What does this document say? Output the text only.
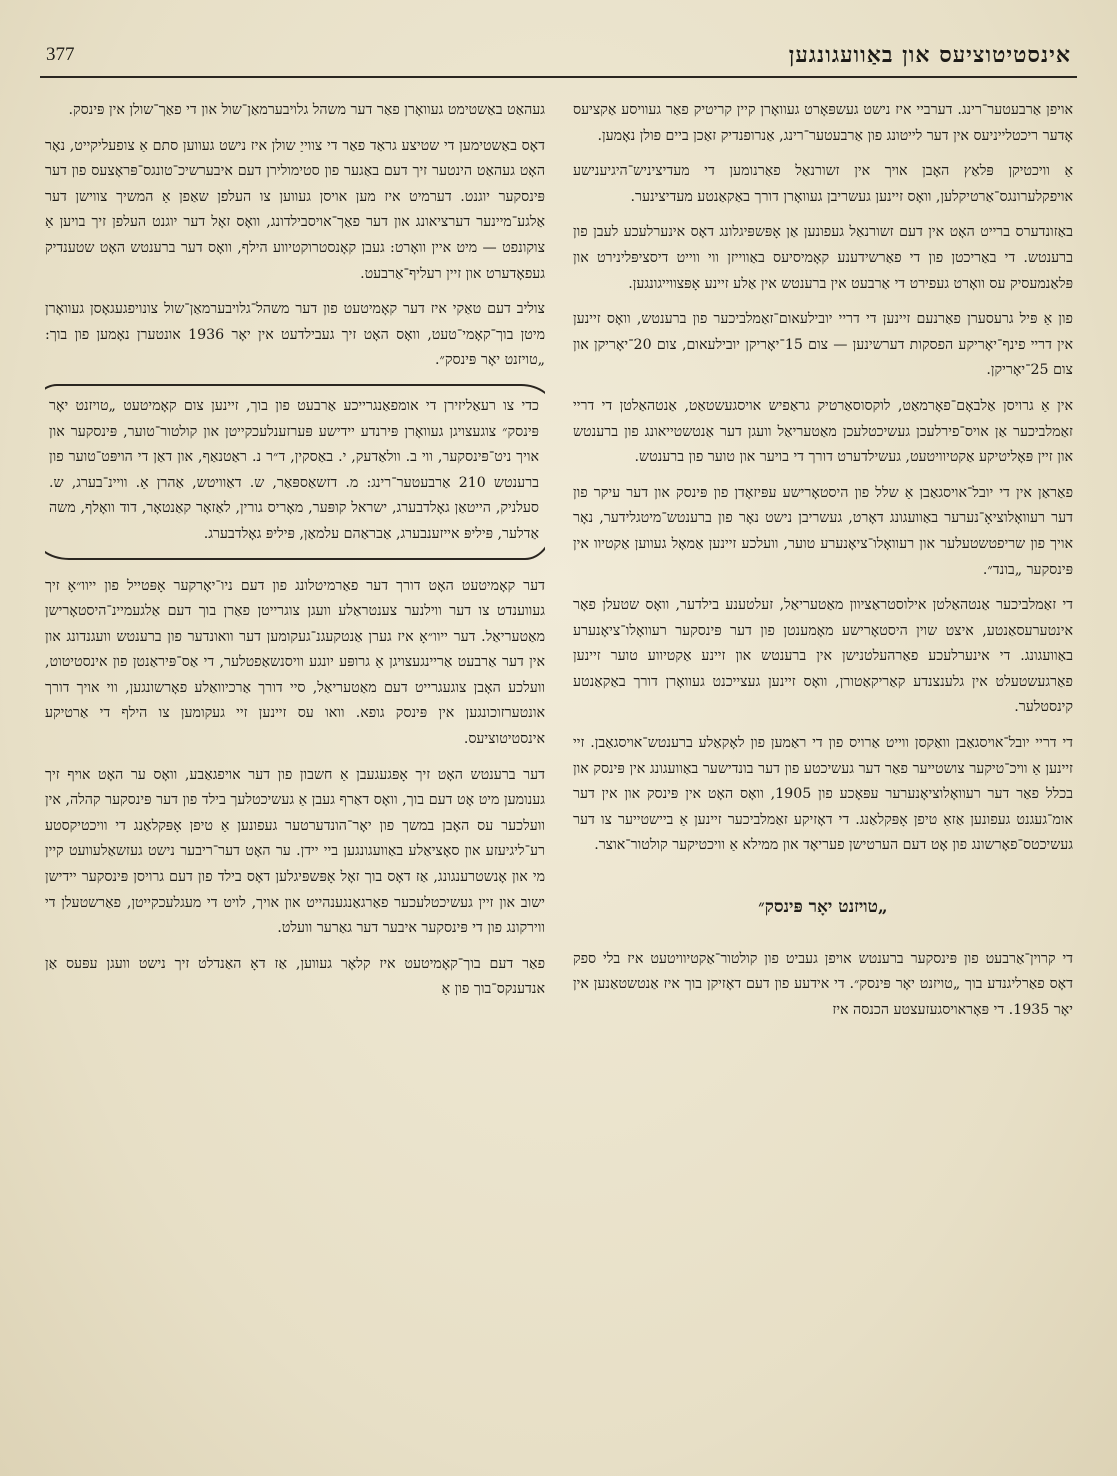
377	אינסטיטוציעס און באַוועגונגען

אויפן אַרבעטער־רינג. דערביי איז נישט געשפּאָרט געוואָרן קיין קריטיק פאַר געוויסע אַקציעס אָדער ריכטלייניעס אין דער לייטונג פון אַרבעטער־רינג, אַנרופנדיק זאַכן ביים פולן נאָמען.

אַ וויכטיקן פּלאַץ האָבן אויך אין זשורנאַל פאַרנומען די מעדיציניש־היגיענישע אויפקלערונגס־אַרטיקלען, וואָס זיינען געשריבן געוואָרן דורך באַקאַנטע מעדיצינער.

באַזונדערס ברייט האָט אין דעם זשורנאַל געפונען אַן אָפּשפּיגלונג דאָס אינערלעכע לעבן פון ברענטש. די באַריכטן פון די פאַרשידענע קאָמיסיעס באַווייזן ווי ווייט דיסציפּלינירט און פּלאַנמעסיק עס וואָרט געפירט די אַרבעט אין ברענטש אין אַלע זיינע אָפּצווייגונגען.

פון אַ פּיל גרעסערן פאַרנעם זיינען די דריי יובילעאום־זאַמלביכער פון ברענטש, וואָס זיינען אין דריי פינף־יאָריקע הפסקות דערשינען — צום 15־יאָריקן יובילעאום, צום 20־יאָריקן און צום 25־יאָריקן.

אין אַ גרויסן אַלבאָם־פאָרמאַט, לוקסוסאַרטיק גראַפיש אויסגעשטאַט, אַנטהאַלטן די דריי זאַמלביכער אַן אויס־פירלעכן געשיכטלעכן מאַטעריאַל וועגן דער אַנטשטייאונג פון ברענטש און זיין פּאָליטיקע אַקטיוויטעט, געשילדערט דורך די בויער און טוער פון ברענטש.

פאַראַן אין די יובל־אויסגאַבן אַ שלל פון היסטאָרישע עפּיזאָדן פון פּינסק און דער עיקר פון דער רעוואָלוציאָ־נערער באַוועגונג דאָרט, געשריבן נישט נאָר פון ברענטש־מיטגלידער, נאָר אויך פון שריפטשטעלער און רעוואָלו־ציאָנערע טוער, וועלכע זיינען אַמאָל געווען אַקטיוו אין פּינסקער „בונד״.

די זאַמלביכער אַנטהאַלטן אילוסטראַציוון מאַטעריאַל, זעלטענע בילדער, וואָס שטעלן פאָר אינטערעסאַנטע, איצט שוין היסטאָרישע מאָמענטן פון דער פּינסקער רעוואָלו־ציאָנערע באַוועגונג. די אינערלעכע פאַרהעלטנישן אין ברענטש און זיינע אַקטיווע טוער זיינען פאַרגעשטעלט אין גלענצנדע קאַריקאַטורן, וואָס זיינען געצייכנט געוואָרן דורך באַקאַנטע קינסטלער.

די דריי יובל־אויסגאַבן וואַקסן ווייט אַרויס פון די ראַמען פון לאָקאַלע ברענטש־אויסגאַבן. זיי זיינען אַ וויכ־טיקער צושטייער פאַר דער געשיכטע פון דער בונדישער באַוועגונג אין פּינסק און בכלל פאַר דער רעוואָלוציאָנערער עפּאָכע פון 1905, וואָס האָט אין פּינסק און אין דער אומ־געגנט געפונען אַזאַ טיפן אָפּקלאַנג. די דאָזיקע זאַמלביכער זיינען אַ ביישטייער צו דער געשיכטס־פאָרשונג פון אָט דעם הערטישן פעריאָד און ממילא אַ וויכטיקער קולטור־אוצר.

„טויזנט יאָר פּינסק״

די קרוין־אַרבעט פון פּינסקער ברענטש אויפן געביט פון קולטור־אַקטיוויטעט איז בלי ספק דאָס פאַרליגנדע בוך „טויזנט יאָר פּינסק״. די אידעע פון דעם דאָזיקן בוך איז אַנטשטאַנען אין יאָר 1935. די פּאָראויסגעזעצטע הכנסה איז

געהאַט באַשטימט געוואָרן פאַר דער משהל גלויבערמאַן־שול און די פאַך־שולן אין פּינסק.

דאָס באַשטימען די שטיצע גראַד פאַר די צווייַ שולן איז נישט געווען סתם אַ צופעליקייט, נאָר האָט געהאַט הינטער זיך דעם באַגער פון סטימולירן דעם איבערשיכ־טונגס־פּראָצעס פון דער פּינסקער יוגנט. דערמיט איז מען אויסן געווען צו העלפן שאַפן אַ המשיך צווישן דער אַלגע־מיינער דערציאונג און דער פאַך־אויסבילדונג, וואָס זאָל דער יוגנט העלפן זיך בויען אַ צוקונפט — מיט איין וואָרט: געבן קאָנסטרוקטיווע הילף, וואָס דער ברענטש האָט שטענדיק געפאָדערט און זיין רעליף־אַרבעט.

צוליב דעם טאַקי איז דער קאָמיטעט פון דער משהל־גלויבערמאַן־שול צונויפגעגאָסן געוואָרן מיטן בוך־קאָמי־טעט, וואָס האָט זיך געבילדעט אין יאָר 1936 אונטערן נאָמען פון בוך: „טויזנט יאָר פּינסק״.

כדי צו רעאַליזירן די אומפאַנגרייכע אַרבעט פון בוך, זיינען צום קאָמיטעט „טויזנט יאָר פּינסק״ צוגעצויגן געוואָרן פּירנדע יידישע פּערזענלעכקייטן און קולטור־טוער, פּינסקער און אויך ניט־פּינסקער, ווי ב. וולאַדעק, י. באַסקין, ד״ר נ. ראַטנאַף, און דאַן די הויפּט־טוער פון ברענטש 210 אַרבעטער־רינג: מ. דזשאַספּאַר, ש. דאַוויטש, אַהרן אַ. וויינ־בערג, ש. סעלניק, הייטאַן גאָלדבערג, ישראל קופּער, מאָריס גורין, לאַזאָר קאַנטאָר, דוד וואָלף, משה אַדלער, פּיליפּ אייזענבערג, אַבראַהם עלמאַן, פּיליפּ גאָלדבערג.

דער קאָמיטעט האָט דורך דער פאַרמיטלונג פון דעם ניו־יאָרקער אָפּטייל פון ייוו״אָ זיך געווענדט צו דער ווילנער צענטראַלע וועגן צוגרייטן פאַרן בוך דעם אַלגעמיינ־היסטאָרישן מאַטעריאַל. דער ייוו״אָ איז גערן אַנטקעגנ־געקומען דער וואונדער פון ברענטש וועגנדונג און אין דער אַרבעט אַריינגעצויגן אַ גרופּע יונגע וויסנשאַפטלער, די אַס־פּיראַנטן פון אינסטיטוט, וועלכע האָבן צוגעגרייט דעם מאַטעריאַל, סיי דורך אַרכיוואַלע פאָרשונגען, ווי אויך דורך אונטערזוכונגען אין פּינסק גופא. וואו עס זיינען זיי געקומען צו הילף די אַרטיקע אינסטיטוציעס.

דער ברענטש האָט זיך אָפּגעגעבן אַ חשבון פון דער אויפגאַבע, וואָס ער האָט אויף זיך גענומען מיט אָט דעם בוך, וואָס דאַרף געבן אַ געשיכטלעך בילד פון דער פּינסקער קהלה, אין וועלכער עס האָבן במשך פון יאָר־הונדערטער געפונען אַ טיפן אָפּקלאַנג די וויכטיקסטע רע־ליגיעזע און סאָציאַלע באַוועגונגען ביי יידן. ער האָט דער־ריבער נישט געזשאַלעוועט קיין מי און אָנשטרענגונג, אַז דאָס בוך זאָל אָפּשפּיגלען דאָס בילד פון דעם גרויסן פּינסקער יידישן ישוב און זיין געשיכטלעכער פאַרגאַנגענהייט און אויך, לויט די מעגלעכקייטן, פאַרשטעלן די ווירקונג פון די פּינסקער איבער דער גאַרער וועלט.

פאַר דעם בוך־קאָמיטעט איז קלאָר געווען, אַז דאָ האַנדלט זיך נישט וועגן עפּעס אַן אנדענקס־בוך פון אַ
